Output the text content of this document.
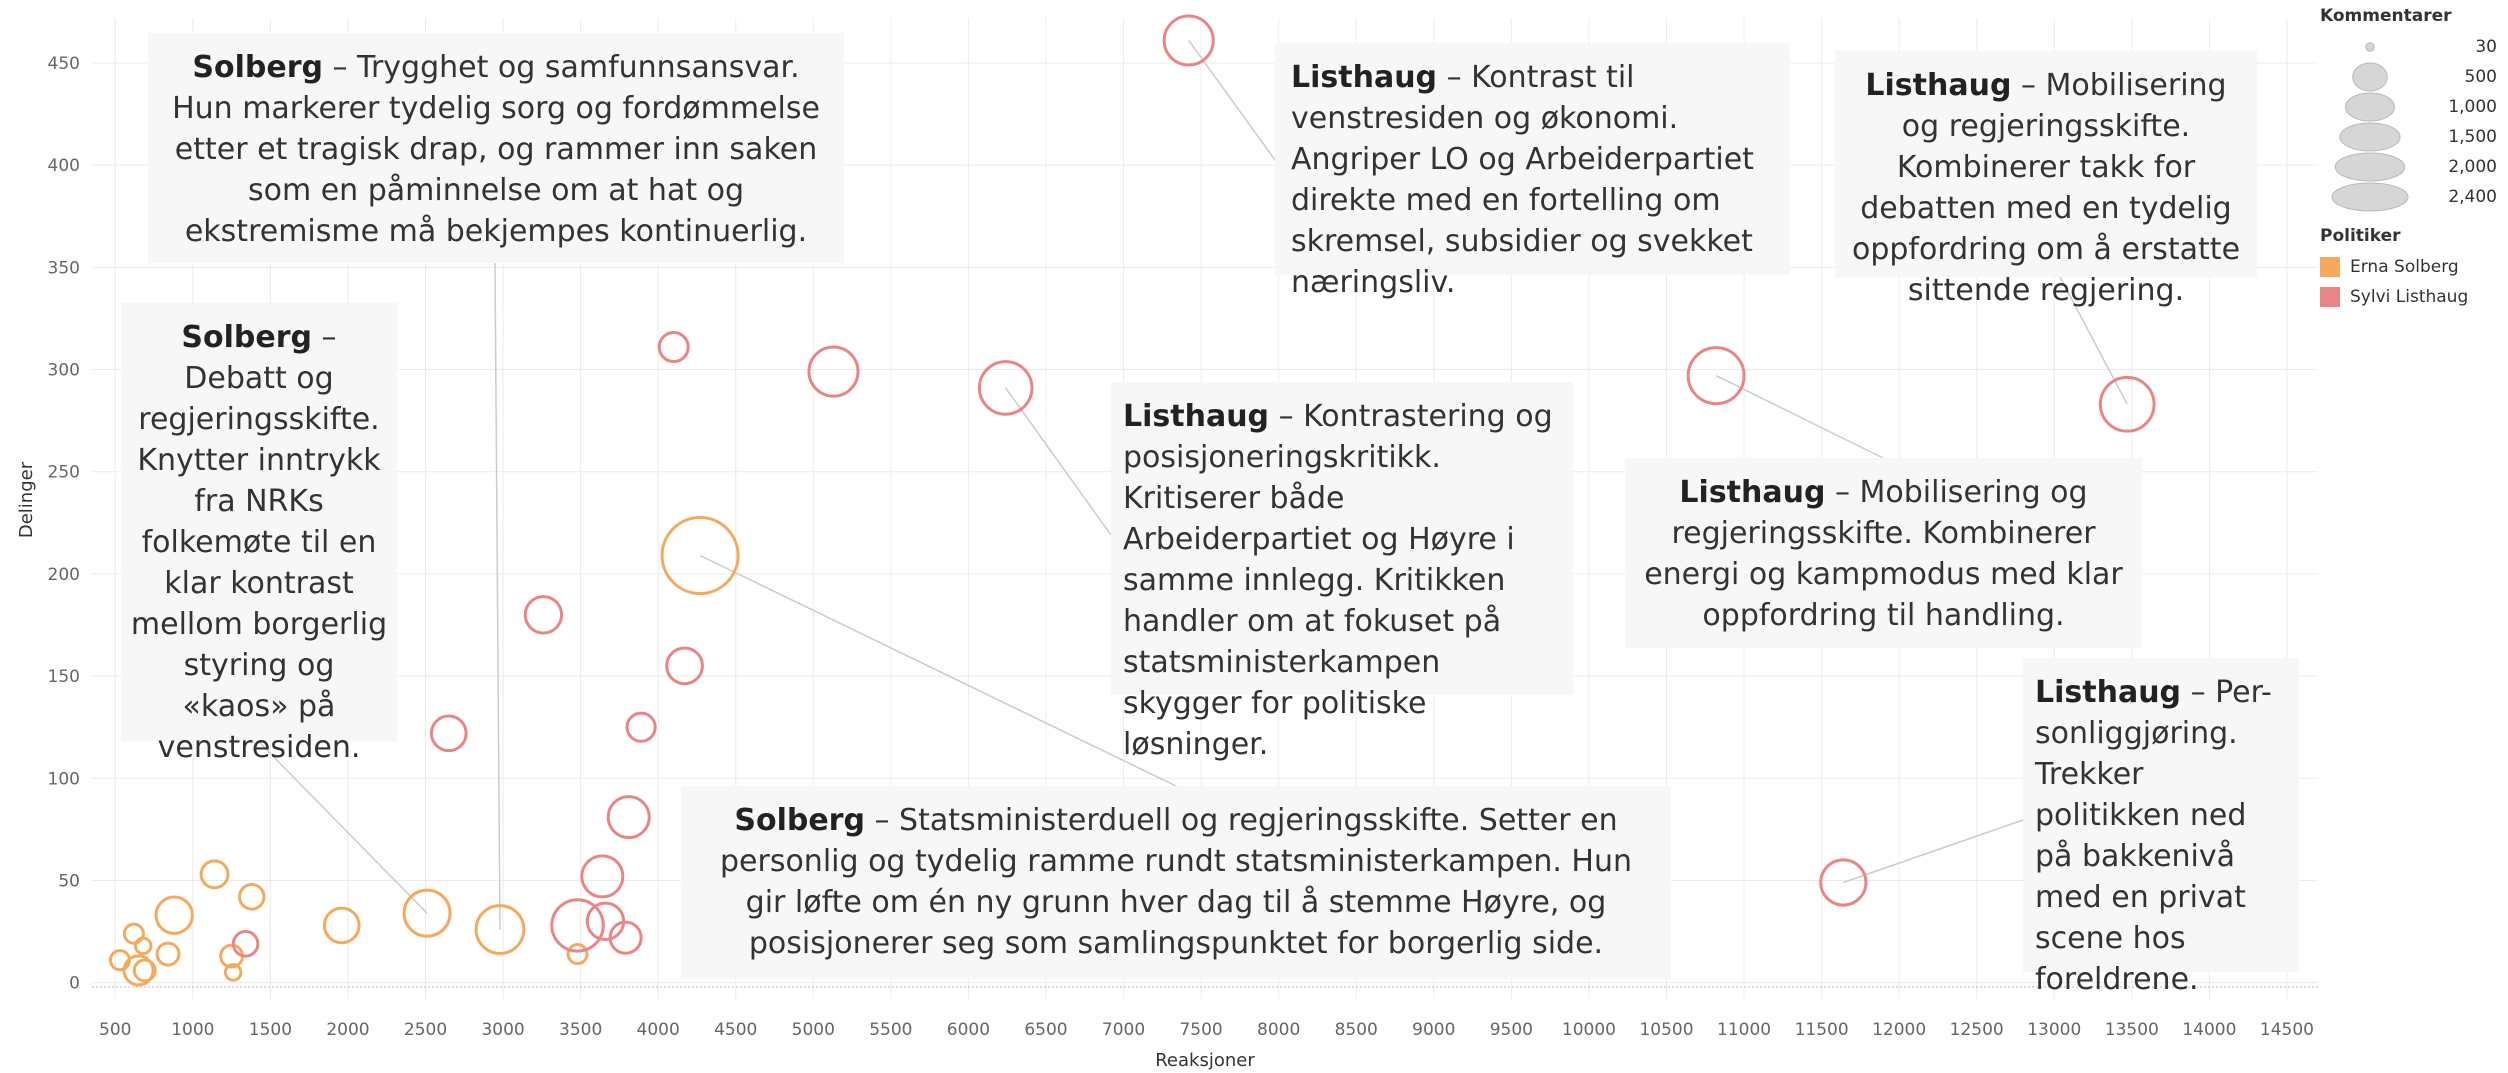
500 1000 1500 2000 2500 3000 3500 4000 4500 5000 5500 6000 6500 7000 7500 8000 8500 9000 9500 10000 10500 11000 11500 12000 12500 13000 13500 14000 14500
0
50
100
150
200
250
300
350
400
450
Reaksjoner
Delinger
Solberg – Trygghet og samfunnsansvar. Hun markerer tydelig sorg og fordømmelse etter et tragisk drap, og rammer inn saken som en påminnelse om at hat og ekstremisme må bekjempes kontinuerlig.
Solberg – Debatt og regjeringsskifte. Knytter inntrykk fra NRKs folkemøte til en klar kontrast mellom borgerlig styring og «kaos» på venstresiden.
Listhaug – Kontrast til venstresiden og økonomi. Angriper LO og Arbeiderpartiet direkte med en fortelling om skremsel, subsidier og svekket næringsliv.
Listhaug – Mobilisering og regjeringsskifte. Kombinerer takk for debatten med en tydelig oppfordring om å erstatte sittende regjering.
Listhaug – Kontrastering og posisjoneringskritikk. Kritiserer både Arbeiderpartiet og Høyre i samme innlegg. Kritikken handler om at fokuset på statsministerkampen skygger for politiske løsninger.
Listhaug – Mobilisering og regjeringsskifte. Kombinerer energi og kampmodus med klar oppfordring til handling.
Listhaug – Per-sonliggjøring. Trekker politikken ned på bakkenivå med en privat scene hos foreldrene.
Solberg – Statsministerduell og regjeringsskifte. Setter en personlig og tydelig ramme rundt statsministerkampen. Hun gir løfte om én ny grunn hver dag til å stemme Høyre, og posisjonerer seg som samlingspunktet for borgerlig side.
Kommentarer
30
500
1,000
1,500
2,000
2,400
Politiker
Erna Solberg
Sylvi Listhaug
